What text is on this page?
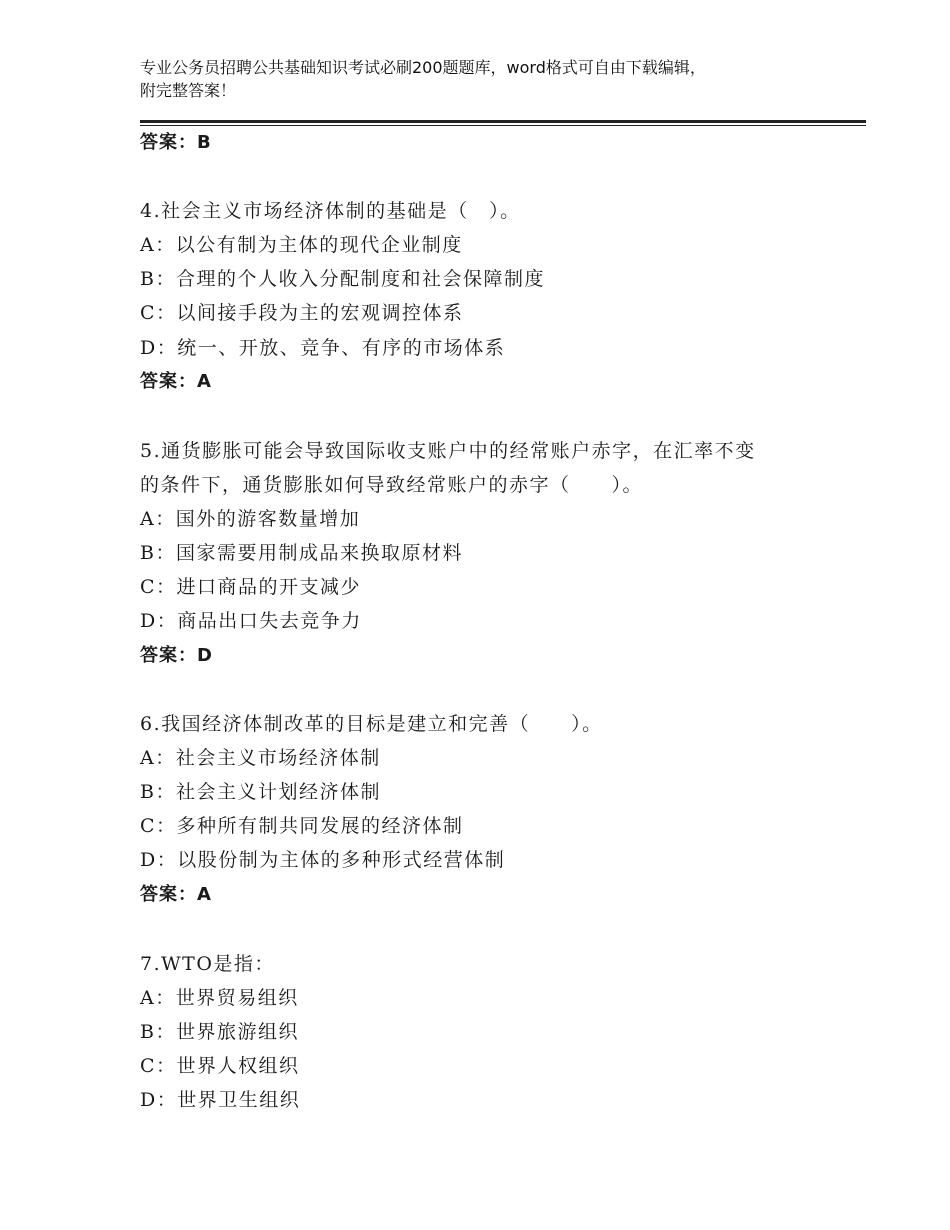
专业公务员招聘公共基础知识考试必刷200题题库，word格式可自由下载编辑，
附完整答案！
答案：B
4.社会主义市场经济体制的基础是（　）。
A：以公有制为主体的现代企业制度
B：合理的个人收入分配制度和社会保障制度
C：以间接手段为主的宏观调控体系
D：统一、开放、竞争、有序的市场体系
答案：A
5.通货膨胀可能会导致国际收支账户中的经常账户赤字，在汇率不变
的条件下，通货膨胀如何导致经常账户的赤字（　　）。
A：国外的游客数量增加
B：国家需要用制成品来换取原材料
C：进口商品的开支减少
D：商品出口失去竞争力
答案：D
6.我国经济体制改革的目标是建立和完善（　　）。
A：社会主义市场经济体制
B：社会主义计划经济体制
C：多种所有制共同发展的经济体制
D：以股份制为主体的多种形式经营体制
答案：A
7.WTO是指：
A：世界贸易组织
B：世界旅游组织
C：世界人权组织
D：世界卫生组织
